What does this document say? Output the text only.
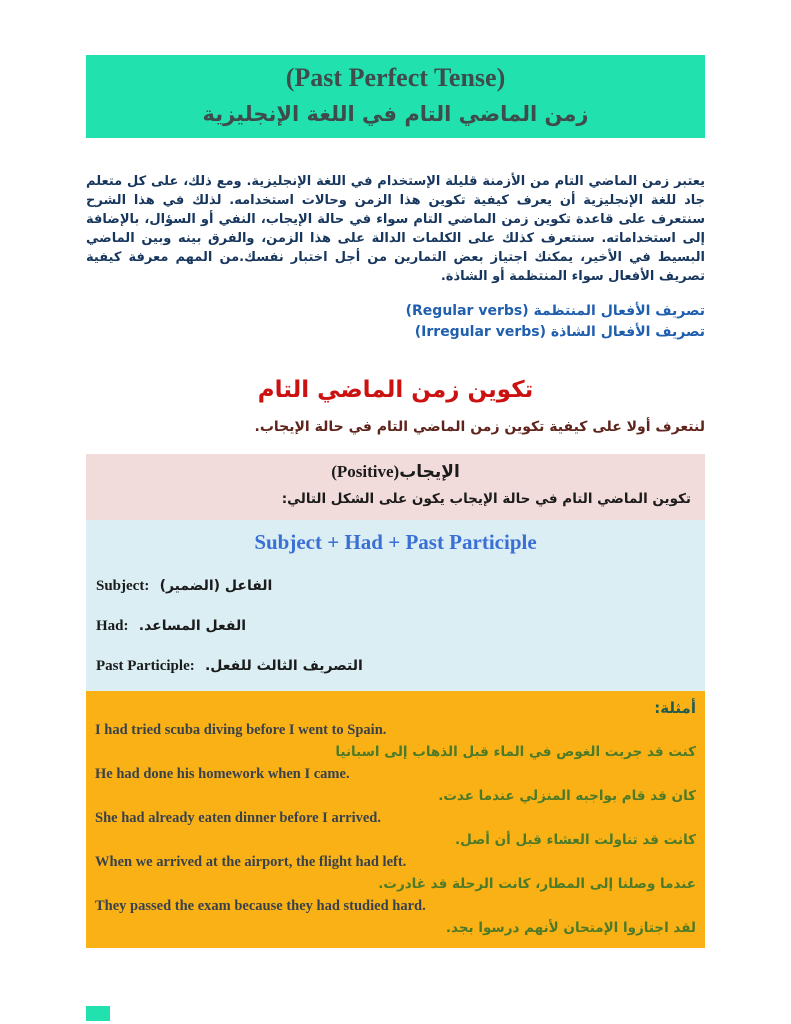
(Past Perfect Tense)
زمن الماضي التام في اللغة الإنجليزية
يعتبر زمن الماضي التام من الأزمنة قليلة الإستخدام في اللغة الإنجليزية. ومع ذلك، على كل متعلم جاد للغة الإنجليزية أن يعرف كيفية تكوين هذا الزمن وحالات استخدامه. لذلك في هذا الشرح سنتعرف على قاعدة تكوين زمن الماضي التام سواء في حالة الإيجاب، النفي أو السؤال، بالإضافة إلى استخداماته. سنتعرف كذلك على الكلمات الدالة على هذا الزمن، والفرق بينه وبين الماضي البسيط في الأخير، يمكنك اجتياز بعض التمارين من أجل اختبار نفسك.من المهم معرفة كيفية تصريف الأفعال سواء المنتظمة أو الشاذة.
تصريف الأفعال المنتظمة (Regular verbs)
تصريف الأفعال الشاذة (Irregular verbs)
تكوين زمن الماضي التام
لنتعرف أولا على كيفية تكوين زمن الماضي التام في حالة الإيجاب.
الإيجاب(Positive)
تكوين الماضي التام في حالة الإيجاب يكون على الشكل التالي:
Subject + Had + Past Participle
Subject: الفاعل (الضمير)
Had: الفعل المساعد.
Past Participle: التصريف الثالث للفعل.
أمثلة:
I had tried scuba diving before I went to Spain.
كنت قد جربت الغوص في الماء قبل الذهاب إلى اسبانيا
He had done his homework when I came.
كان قد قام بواجبه المنزلي عندما عدت.
She had already eaten dinner before I arrived.
كانت قد تناولت العشاء قبل أن أصل.
When we arrived at the airport, the flight had left.
عندما وصلنا إلى المطار، كانت الرحلة قد غادرت.
They passed the exam because they had studied hard.
لقد اجتازوا الإمتحان لأنهم درسوا بجد.
